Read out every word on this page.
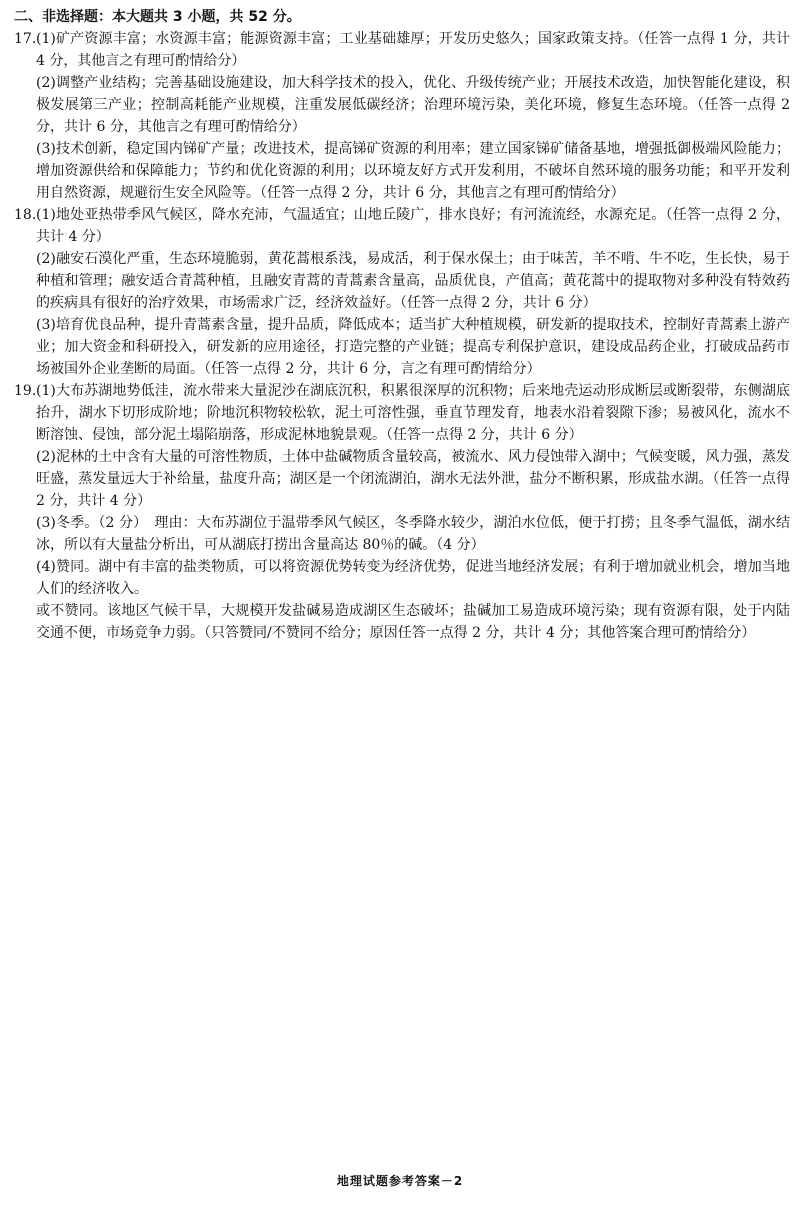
二、非选择题：本大题共 3 小题，共 52 分。

17. (1)矿产资源丰富；水资源丰富；能源资源丰富；工业基础雄厚；开发历史悠久；国家政策支持。（任答一点得 1 分，共计 4 分，其他言之有理可酌情给分）

(2)调整产业结构；完善基础设施建设，加大科学技术的投入，优化、升级传统产业；开展技术改造，加快智能化建设，积极发展第三产业；控制高耗能产业规模，注重发展低碳经济；治理环境污染，美化环境，修复生态环境。（任答一点得 2 分，共计 6 分，其他言之有理可酌情给分）

(3)技术创新，稳定国内锑矿产量；改进技术，提高锑矿资源的利用率；建立国家锑矿储备基地，增强抵御极端风险能力；增加资源供给和保障能力；节约和优化资源的利用；以环境友好方式开发利用，不破坏自然环境的服务功能；和平开发利用自然资源，规避衍生安全风险等。（任答一点得 2 分，共计 6 分，其他言之有理可酌情给分）

18. (1)地处亚热带季风气候区，降水充沛，气温适宜；山地丘陵广，排水良好；有河流流经，水源充足。（任答一点得 2 分，共计 4 分）

(2)融安石漠化严重，生态环境脆弱，黄花蒿根系浅，易成活，利于保水保土；由于味苦，羊不啃、牛不吃，生长快，易于种植和管理；融安适合青蒿种植，且融安青蒿的青蒿素含量高，品质优良，产值高；黄花蒿中的提取物对多种没有特效药的疾病具有很好的治疗效果，市场需求广泛，经济效益好。（任答一点得 2 分，共计 6 分）

(3)培育优良品种，提升青蒿素含量，提升品质，降低成本；适当扩大种植规模，研发新的提取技术，控制好青蒿素上游产业；加大资金和科研投入，研发新的应用途径，打造完整的产业链；提高专利保护意识，建设成品药企业，打破成品药市场被国外企业垄断的局面。（任答一点得 2 分，共计 6 分，言之有理可酌情给分）

19. (1)大布苏湖地势低洼，流水带来大量泥沙在湖底沉积，积累很深厚的沉积物；后来地壳运动形成断层或断裂带，东侧湖底抬升，湖水下切形成阶地；阶地沉积物较松软，泥土可溶性强，垂直节理发育，地表水沿着裂隙下渗；易被风化，流水不断溶蚀、侵蚀，部分泥土塌陷崩落，形成泥林地貌景观。（任答一点得 2 分，共计 6 分）

(2)泥林的土中含有大量的可溶性物质，土体中盐碱物质含量较高，被流水、风力侵蚀带入湖中；气候变暖，风力强，蒸发旺盛，蒸发量远大于补给量，盐度升高；湖区是一个闭流湖泊，湖水无法外泄，盐分不断积累，形成盐水湖。（任答一点得 2 分，共计 4 分）

(3)冬季。（2 分）　理由：大布苏湖位于温带季风气候区，冬季降水较少，湖泊水位低，便于打捞；且冬季气温低，湖水结冰，所以有大量盐分析出，可从湖底打捞出含量高达 80％的碱。（4 分）

(4)赞同。湖中有丰富的盐类物质，可以将资源优势转变为经济优势，促进当地经济发展；有利于增加就业机会，增加当地人们的经济收入。

或不赞同。该地区气候干旱，大规模开发盐碱易造成湖区生态破坏；盐碱加工易造成环境污染；现有资源有限，处于内陆交通不便，市场竞争力弱。（只答赞同/不赞同不给分；原因任答一点得 2 分，共计 4 分；其他答案合理可酌情给分）

地理试题参考答案－2
